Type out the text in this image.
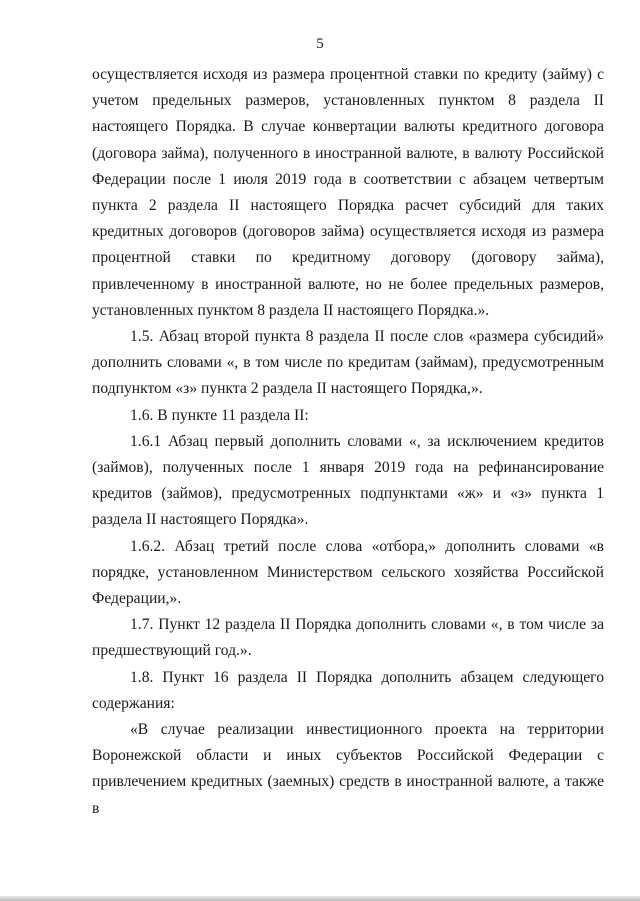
5

осуществляется исходя из размера процентной ставки по кредиту (займу) с учетом предельных размеров, установленных пунктом 8 раздела II настоящего Порядка. В случае конвертации валюты кредитного договора (договора займа), полученного в иностранной валюте, в валюту Российской Федерации после 1 июля 2019 года в соответствии с абзацем четвертым пункта 2 раздела II настоящего Порядка расчет субсидий для таких кредитных договоров (договоров займа) осуществляется исходя из размера процентной ставки по кредитному договору (договору займа), привлеченному в иностранной валюте, но не более предельных размеров, установленных пунктом 8 раздела II настоящего Порядка.».

1.5. Абзац второй пункта 8 раздела II после слов «размера субсидий» дополнить словами «, в том числе по кредитам (займам), предусмотренным подпунктом «з» пункта 2 раздела II настоящего Порядка,».

1.6. В пункте 11 раздела II:

1.6.1 Абзац первый дополнить словами «, за исключением кредитов (займов), полученных после 1 января 2019 года на рефинансирование кредитов (займов), предусмотренных подпунктами «ж» и «з» пункта 1 раздела II настоящего Порядка».

1.6.2. Абзац третий после слова «отбора,» дополнить словами «в порядке, установленном Министерством сельского хозяйства Российской Федерации,».

1.7. Пункт 12 раздела II Порядка дополнить словами «, в том числе за предшествующий год.».

1.8. Пункт 16 раздела II Порядка дополнить абзацем следующего содержания:

«В случае реализации инвестиционного проекта на территории Воронежской области и иных субъектов Российской Федерации с привлечением кредитных (заемных) средств в иностранной валюте, а также в
